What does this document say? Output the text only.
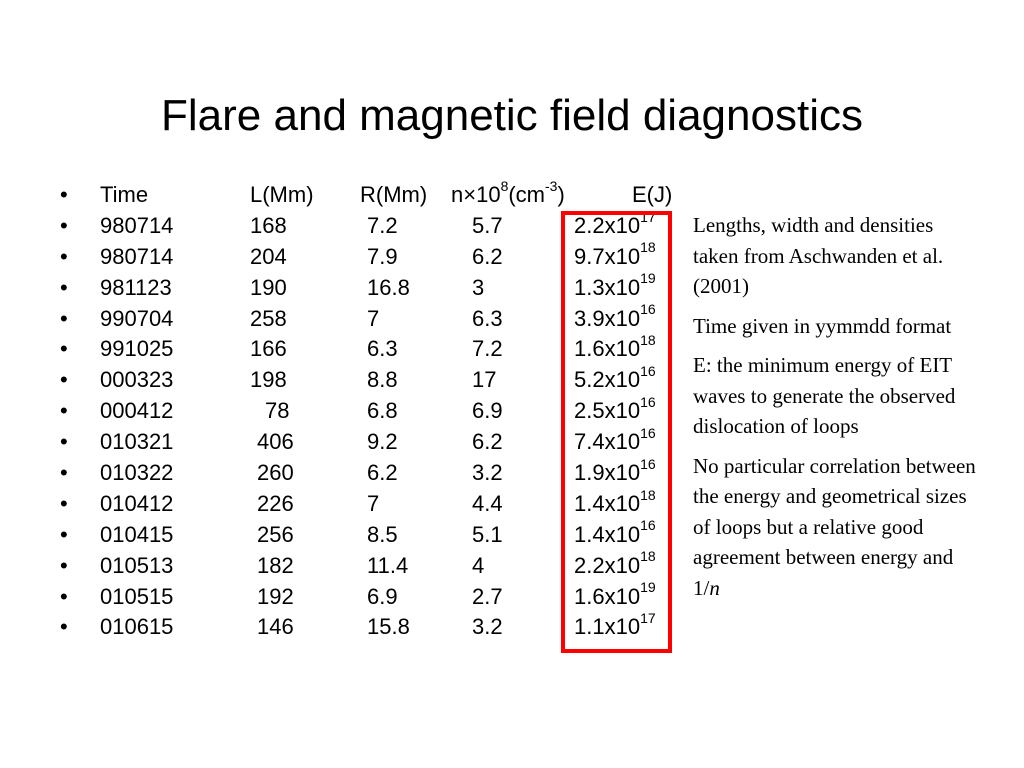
Flare and magnetic field diagnostics
• Time	L(Mm) R(Mm) $n\times 10^8(cm^{-3})$	E(J)
• 980714	168	7.2	5.7	$2.2x10^{17}$
• 980714	204	7.9	6.2	$9.7x10^{18}$
• 981123	190	16.8	3	$1.3x10^{19}$
• 990704	258	7	6.3	$3.9x10^{16}$
• 991025	166	6.3	7.2	$1.6x10^{18}$
• 000323	198	8.8	17	$5.2x10^{16}$
• 000412	78	6.8	6.9	$2.5x10^{16}$
• 010321	406	9.2	6.2	$7.4x10^{16}$
• 010322	260	6.2	3.2	$1.9x10^{16}$
• 010412	226	7	4.4	$1.4x10^{18}$
• 010415	256	8.5	5.1	$1.4x10^{16}$
• 010513	182	11.4	4	$2.2x10^{18}$
• 010515	192	6.9	2.7	$1.6x10^{19}$
• 010615	146	15.8	3.2	$1.1x10^{17}$

Lengths, width and densities taken from Aschwanden et al. (2001)

Time given in yymmdd format

E: the minimum energy of EIT waves to generate the observed dislocation of loops

No particular correlation between the energy and geometrical sizes of loops but a relative good agreement between energy and 1/n
